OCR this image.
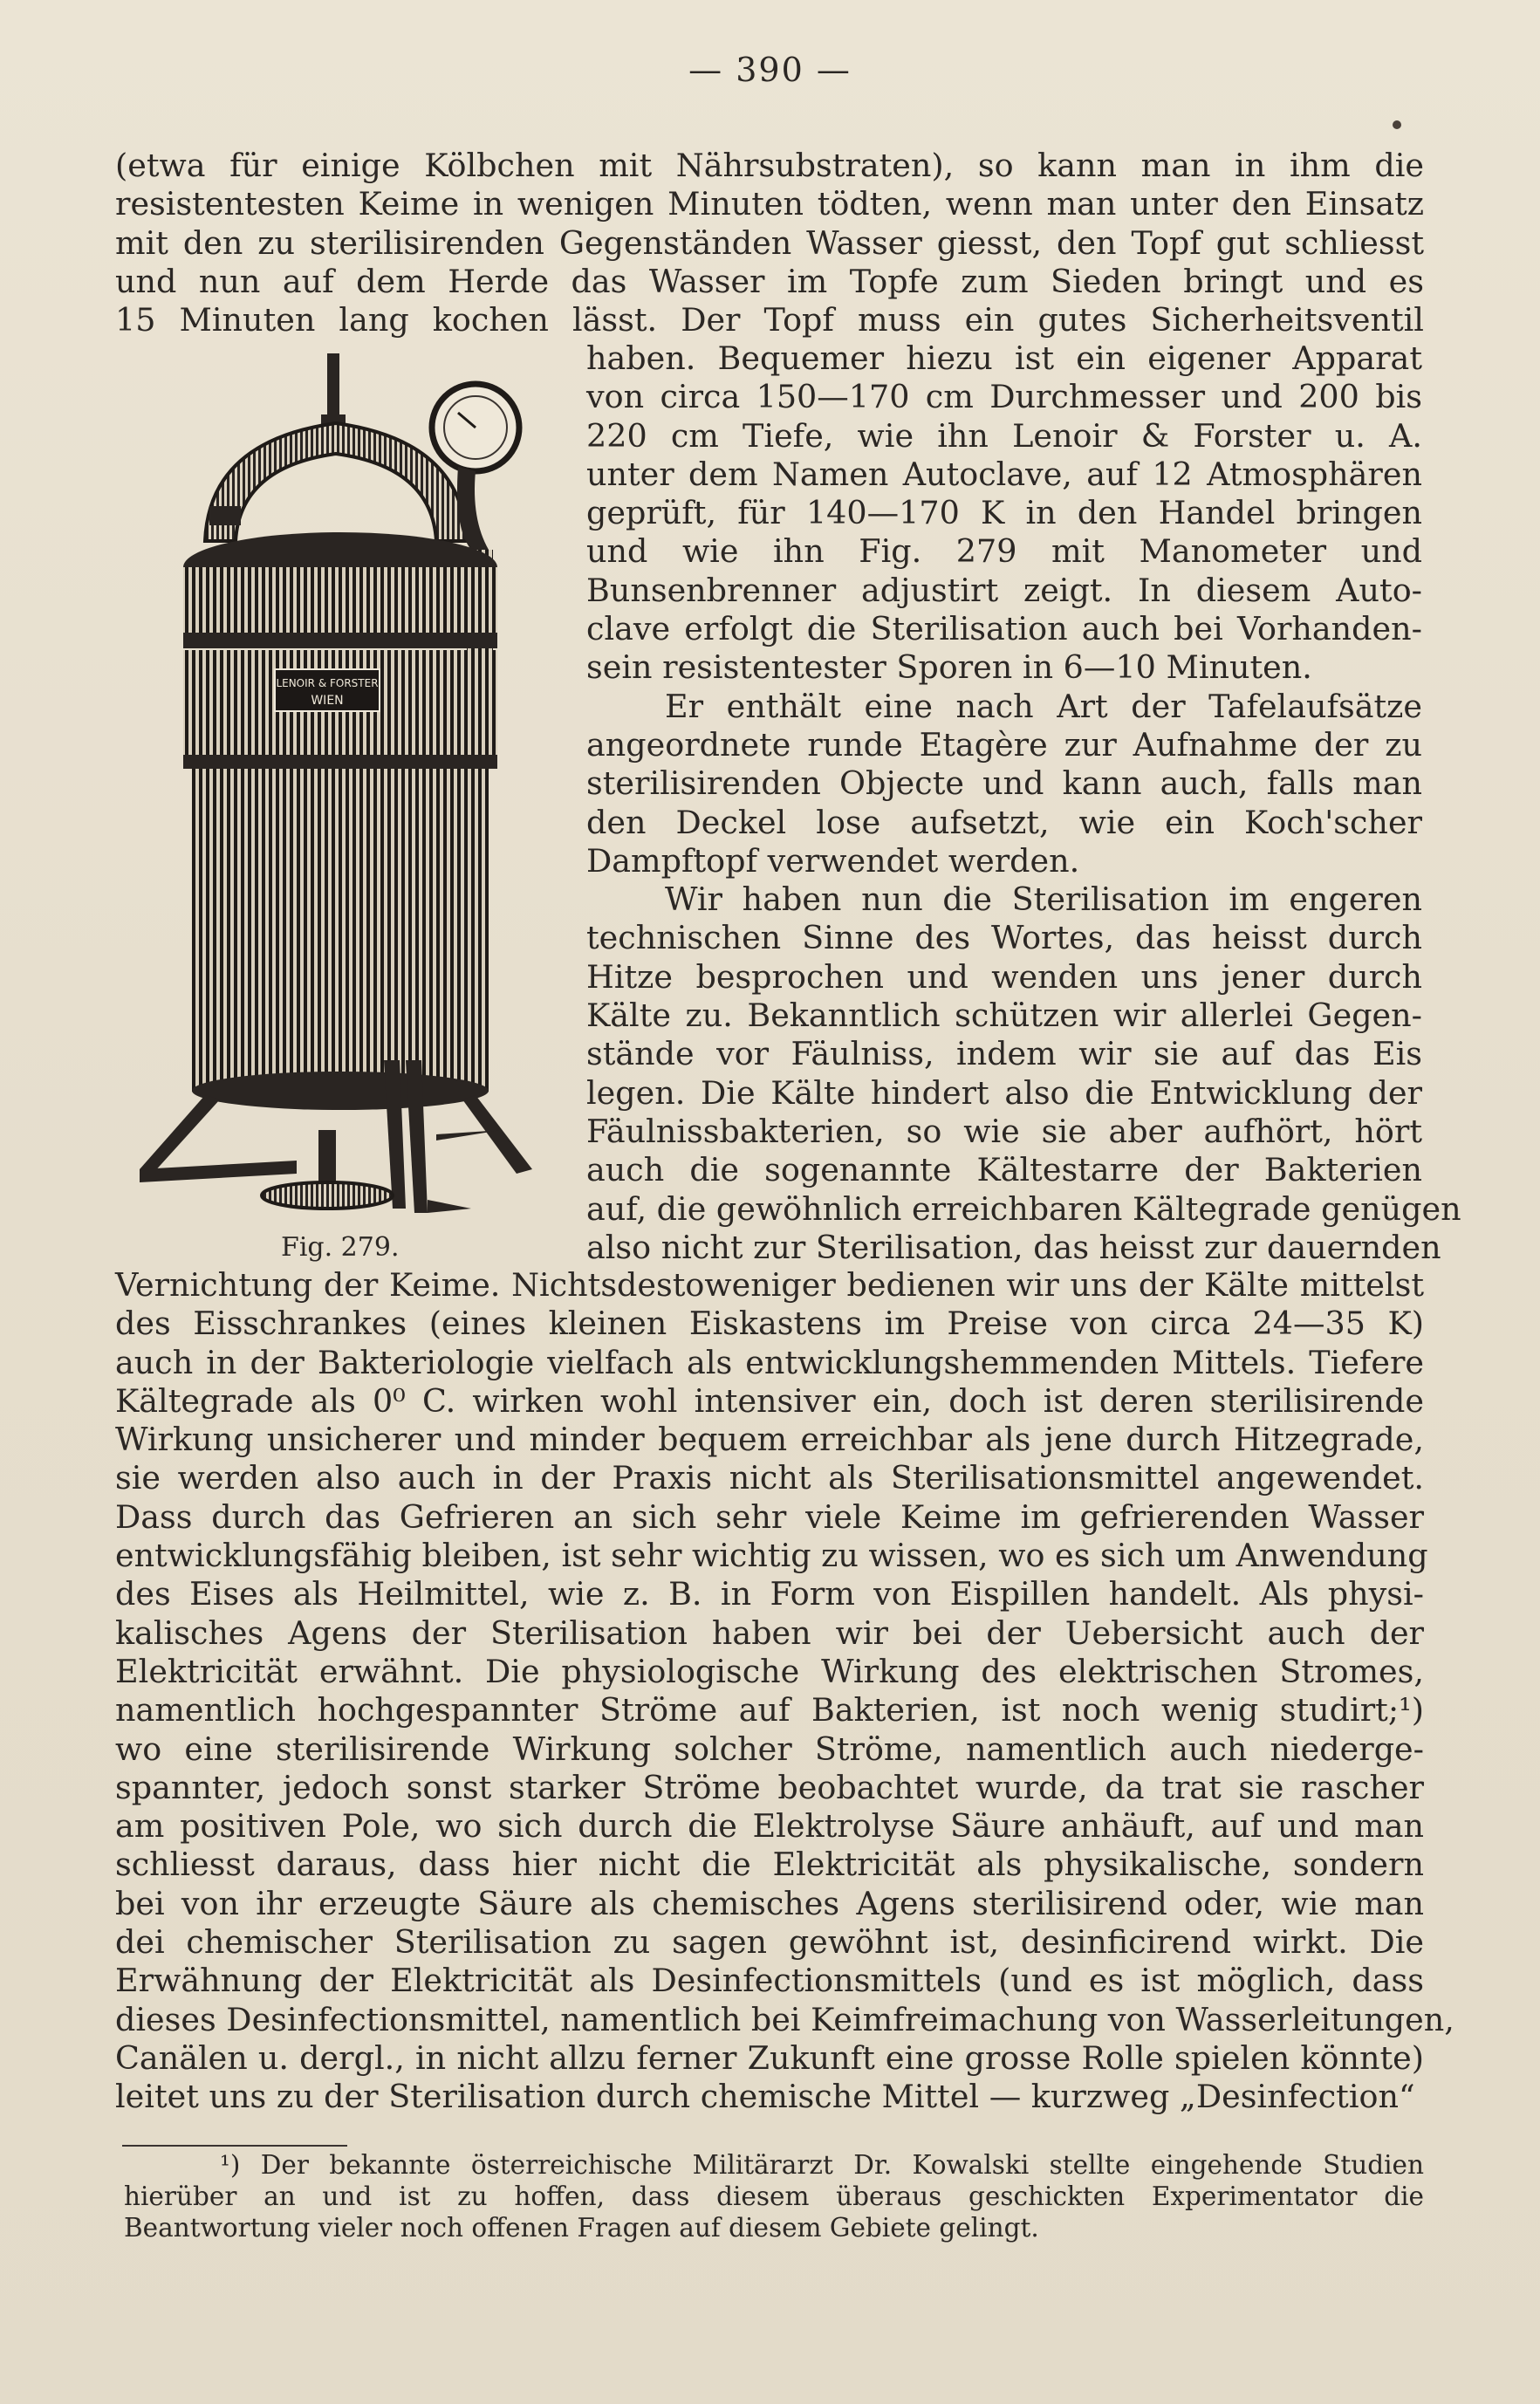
— 390 —
(etwa für einige Kölbchen mit Nährsubstraten), so kann man in ihm die
resistentesten Keime in wenigen Minuten tödten, wenn man unter den Einsatz
mit den zu sterilisirenden Gegenständen Wasser giesst, den Topf gut schliesst
und nun auf dem Herde das Wasser im Topfe zum Sieden bringt und es
15 Minuten lang kochen lässt. Der Topf muss ein gutes Sicherheitsventil
LENOIR & FORSTER
WIEN
haben. Bequemer hiezu ist ein eigener Apparat
von circa 150—170 cm Durchmesser und 200 bis
220 cm Tiefe, wie ihn Lenoir & Forster u. A.
unter dem Namen Autoclave, auf 12 Atmosphären
geprüft, für 140—170 K in den Handel bringen
und wie ihn Fig. 279 mit Manometer und
Bunsenbrenner adjustirt zeigt. In diesem Auto-
clave erfolgt die Sterilisation auch bei Vorhanden-
sein resistentester Sporen in 6—10 Minuten.
Er enthält eine nach Art der Tafelaufsätze
angeordnete runde Etagère zur Aufnahme der zu
sterilisirenden Objecte und kann auch, falls man
den Deckel lose aufsetzt, wie ein Koch'scher
Dampftopf verwendet werden.
Wir haben nun die Sterilisation im engeren
technischen Sinne des Wortes, das heisst durch
Hitze besprochen und wenden uns jener durch
Kälte zu. Bekanntlich schützen wir allerlei Gegen-
stände vor Fäulniss, indem wir sie auf das Eis
legen. Die Kälte hindert also die Entwicklung der
Fäulnissbakterien, so wie sie aber aufhört, hört
auch die sogenannte Kältestarre der Bakterien
auf, die gewöhnlich erreichbaren Kältegrade genügen
also nicht zur Sterilisation, das heisst zur dauernden
Fig. 279.
Vernichtung der Keime. Nichtsdestoweniger bedienen wir uns der Kälte mittelst
des Eisschrankes (eines kleinen Eiskastens im Preise von circa 24—35 K)
auch in der Bakteriologie vielfach als entwicklungshemmenden Mittels. Tiefere
Kältegrade als 0⁰ C. wirken wohl intensiver ein, doch ist deren sterilisirende
Wirkung unsicherer und minder bequem erreichbar als jene durch Hitzegrade,
sie werden also auch in der Praxis nicht als Sterilisationsmittel angewendet.
Dass durch das Gefrieren an sich sehr viele Keime im gefrierenden Wasser
entwicklungsfähig bleiben, ist sehr wichtig zu wissen, wo es sich um Anwendung
des Eises als Heilmittel, wie z. B. in Form von Eispillen handelt. Als physi-
kalisches Agens der Sterilisation haben wir bei der Uebersicht auch der
Elektricität erwähnt. Die physiologische Wirkung des elektrischen Stromes,
namentlich hochgespannter Ströme auf Bakterien, ist noch wenig studirt;¹)
wo eine sterilisirende Wirkung solcher Ströme, namentlich auch niederge-
spannter, jedoch sonst starker Ströme beobachtet wurde, da trat sie rascher
am positiven Pole, wo sich durch die Elektrolyse Säure anhäuft, auf und man
schliesst daraus, dass hier nicht die Elektricität als physikalische, sondern
bei von ihr erzeugte Säure als chemisches Agens sterilisirend oder, wie man
dei chemischer Sterilisation zu sagen gewöhnt ist, desinficirend wirkt. Die
Erwähnung der Elektricität als Desinfectionsmittels (und es ist möglich, dass
dieses Desinfectionsmittel, namentlich bei Keimfreimachung von Wasserleitungen,
Canälen u. dergl., in nicht allzu ferner Zukunft eine grosse Rolle spielen könnte)
leitet uns zu der Sterilisation durch chemische Mittel — kurzweg „Desinfection“
¹) Der bekannte österreichische Militärarzt Dr. Kowalski stellte eingehende Studien
hierüber an und ist zu hoffen, dass diesem überaus geschickten Experimentator die
Beantwortung vieler noch offenen Fragen auf diesem Gebiete gelingt.
